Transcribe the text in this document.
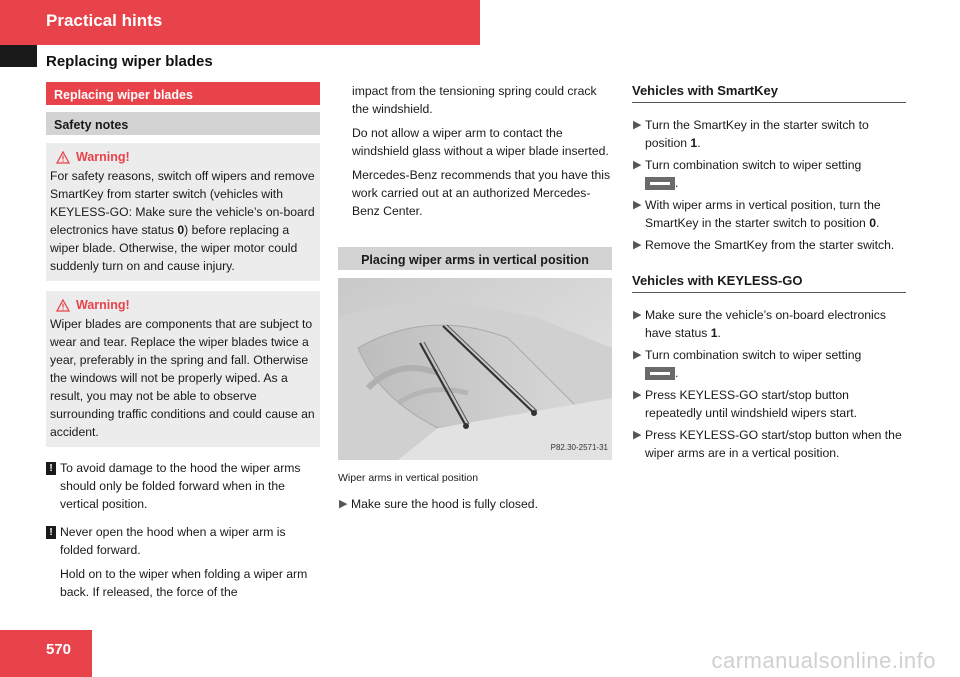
Practical hints
Replacing wiper blades
Replacing wiper blades
Safety notes
Warning!
For safety reasons, switch off wipers and remove SmartKey from starter switch (vehicles with KEYLESS-GO: Make sure the vehicle’s on-board electronics have status 0) before replacing a wiper blade. Otherwise, the wiper motor could suddenly turn on and cause injury.
Warning!
Wiper blades are components that are subject to wear and tear. Replace the wiper blades twice a year, preferably in the spring and fall. Otherwise the windows will not be properly wiped. As a result, you may not be able to observe surrounding traffic conditions and could cause an accident.
! To avoid damage to the hood the wiper arms should only be folded forward when in the vertical position.
! Never open the hood when a wiper arm is folded forward.
Hold on to the wiper when folding a wiper arm back. If released, the force of the
impact from the tensioning spring could crack the windshield.
Do not allow a wiper arm to contact the windshield glass without a wiper blade inserted.
Mercedes-Benz recommends that you have this work carried out at an authorized Mercedes-Benz Center.
Placing wiper arms in vertical position
P82.30-2571-31
Wiper arms in vertical position
▶ Make sure the hood is fully closed.
Vehicles with SmartKey
▶ Turn the SmartKey in the starter switch to position 1.
▶ Turn combination switch to wiper setting
.
▶ With wiper arms in vertical position, turn the SmartKey in the starter switch to position 0.
▶ Remove the SmartKey from the starter switch.
Vehicles with KEYLESS-GO
▶ Make sure the vehicle’s on-board electronics have status 1.
▶ Turn combination switch to wiper setting
.
▶ Press KEYLESS-GO start/stop button repeatedly until windshield wipers start.
▶ Press KEYLESS-GO start/stop button when the wiper arms are in a vertical position.
570	carmanualsonline.info
